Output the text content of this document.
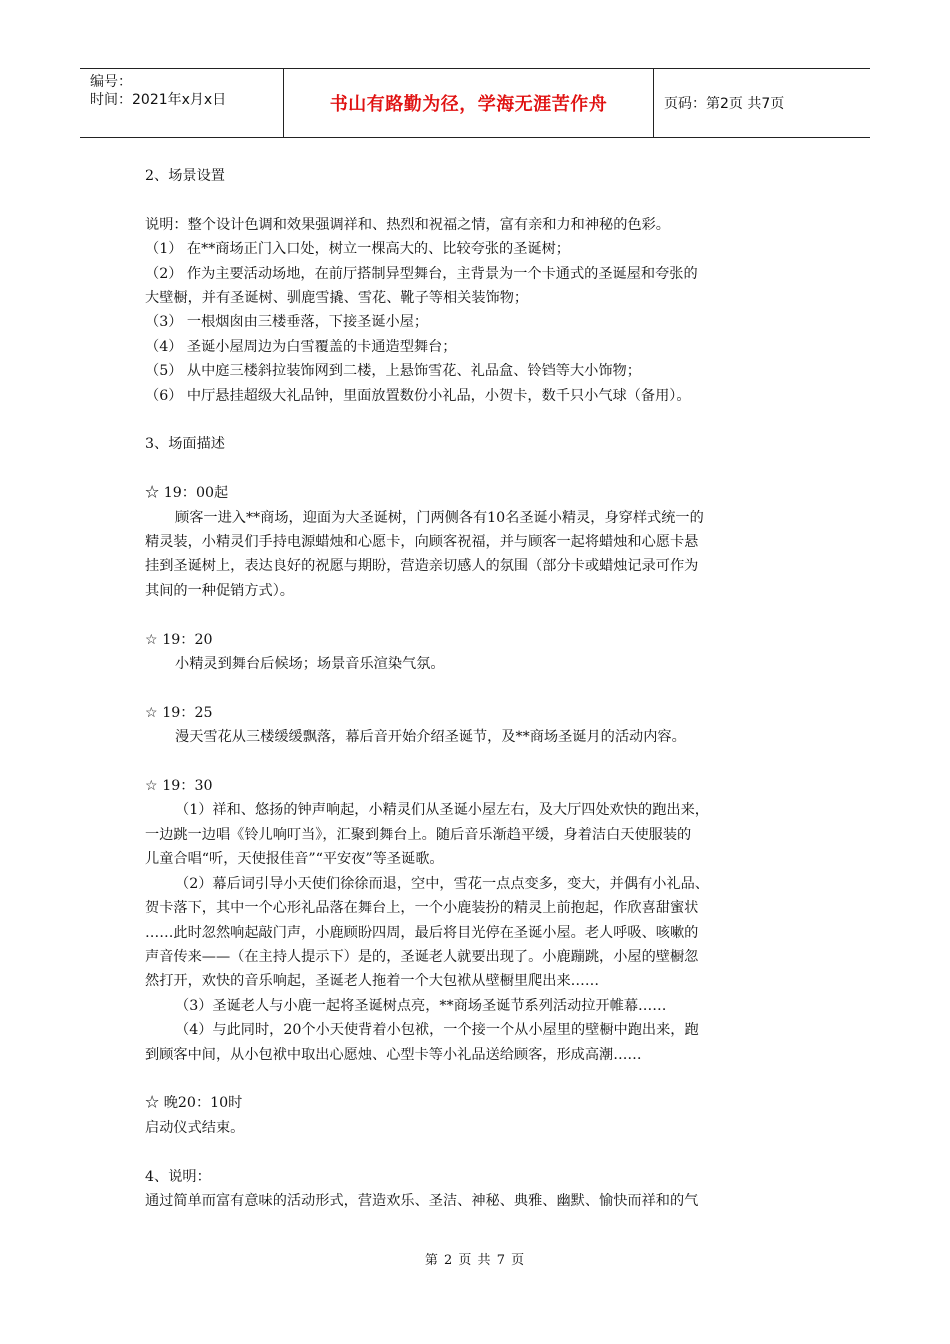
编号：
时间：2021年x月x日	书山有路勤为径，学海无涯苦作舟	页码：第2页 共7页

2、场景设置

说明：整个设计色调和效果强调祥和、热烈和祝福之情，富有亲和力和神秘的色彩。

（1） 在**商场正门入口处，树立一棵高大的、比较夸张的圣诞树；

（2） 作为主要活动场地，在前厅搭制异型舞台，主背景为一个卡通式的圣诞屋和夸张的

大壁橱，并有圣诞树、驯鹿雪撬、雪花、靴子等相关装饰物；

（3） 一根烟囱由三楼垂落，下接圣诞小屋；

（4） 圣诞小屋周边为白雪覆盖的卡通造型舞台；

（5） 从中庭三楼斜拉装饰网到二楼，上悬饰雪花、礼品盒、铃铛等大小饰物；

（6） 中厅悬挂超级大礼品钟，里面放置数份小礼品，小贺卡，数千只小气球（备用）。

3、场面描述

☆ 19：00起

顾客一进入**商场，迎面为大圣诞树，门两侧各有10名圣诞小精灵，身穿样式统一的

精灵装，小精灵们手持电源蜡烛和心愿卡，向顾客祝福，并与顾客一起将蜡烛和心愿卡悬

挂到圣诞树上，表达良好的祝愿与期盼，营造亲切感人的氛围（部分卡或蜡烛记录可作为

其间的一种促销方式）。

☆ 19：20

小精灵到舞台后候场；场景音乐渲染气氛。

☆ 19：25

漫天雪花从三楼缓缓飘落，幕后音开始介绍圣诞节，及**商场圣诞月的活动内容。

☆ 19：30

（1）祥和、悠扬的钟声响起，小精灵们从圣诞小屋左右，及大厅四处欢快的跑出来，

一边跳一边唱《铃儿响叮当》，汇聚到舞台上。随后音乐渐趋平缓，身着洁白天使服装的

儿童合唱“听，天使报佳音”“平安夜”等圣诞歌。

（2）幕后词引导小天使们徐徐而退，空中，雪花一点点变多，变大，并偶有小礼品、

贺卡落下，其中一个心形礼品落在舞台上，一个小鹿装扮的精灵上前抱起，作欣喜甜蜜状

……此时忽然响起敲门声，小鹿顾盼四周，最后将目光停在圣诞小屋。老人呼吸、咳嗽的

声音传来——（在主持人提示下）是的，圣诞老人就要出现了。小鹿蹦跳，小屋的壁橱忽

然打开，欢快的音乐响起，圣诞老人拖着一个大包袱从壁橱里爬出来……

（3）圣诞老人与小鹿一起将圣诞树点亮，**商场圣诞节系列活动拉开帷幕……

（4）与此同时，20个小天使背着小包袱，一个接一个从小屋里的壁橱中跑出来，跑

到顾客中间，从小包袱中取出心愿烛、心型卡等小礼品送给顾客，形成高潮……

☆ 晚20：10时

启动仪式结束。

4、说明：

通过简单而富有意味的活动形式，营造欢乐、圣洁、神秘、典雅、幽默、愉快而祥和的气

第 2 页 共 7 页
